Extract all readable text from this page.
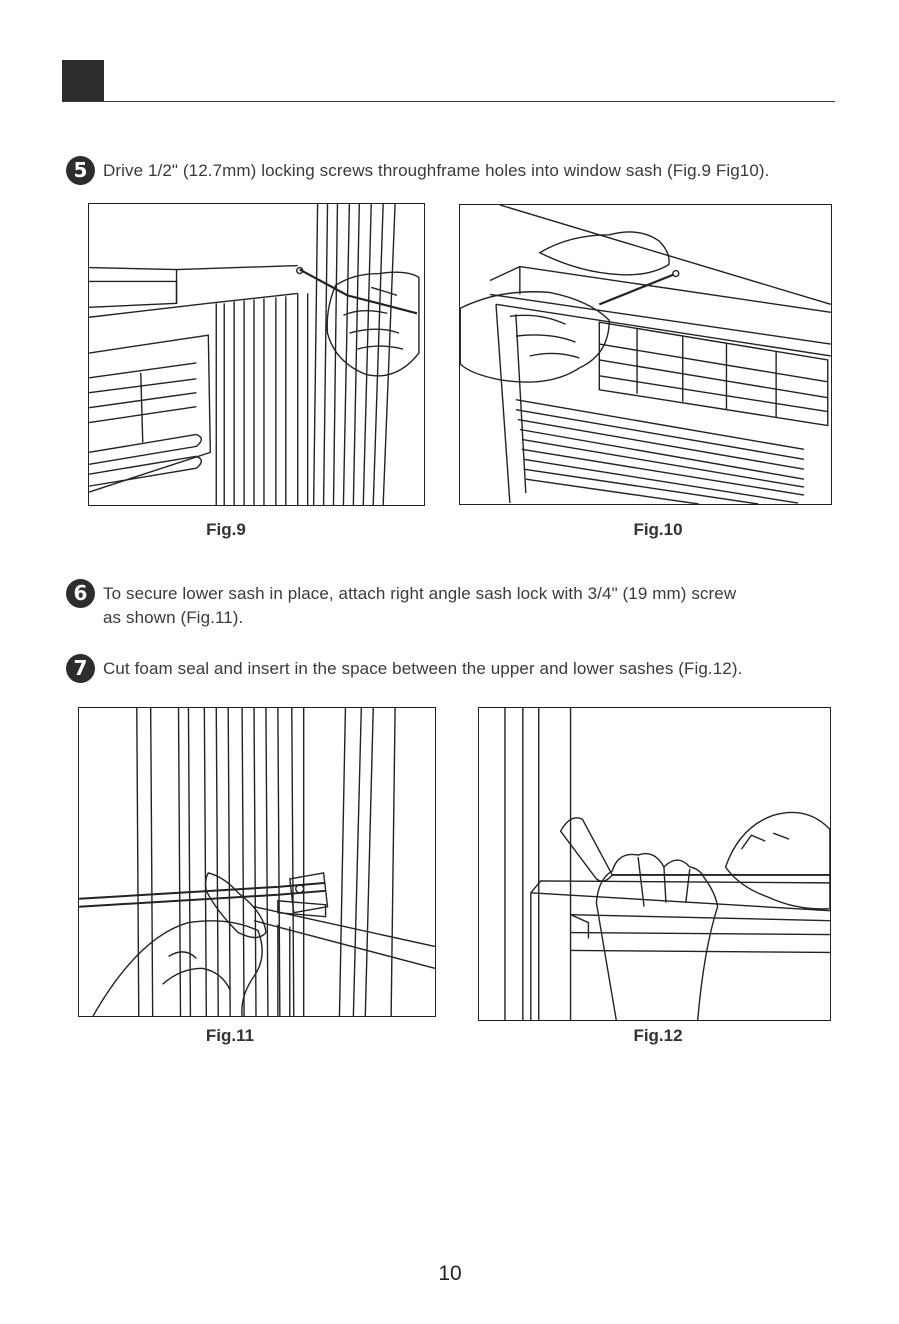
5 Drive 1/2" (12.7mm) locking screws throughframe holes into window sash (Fig.9 Fig10).
Fig.9	Fig.10
6 To secure lower sash in place, attach right angle sash lock with 3/4" (19 mm) screw
as shown (Fig.11).
7 Cut foam seal and insert in the space between the upper and lower sashes (Fig.12).
Fig.11	Fig.12
10
